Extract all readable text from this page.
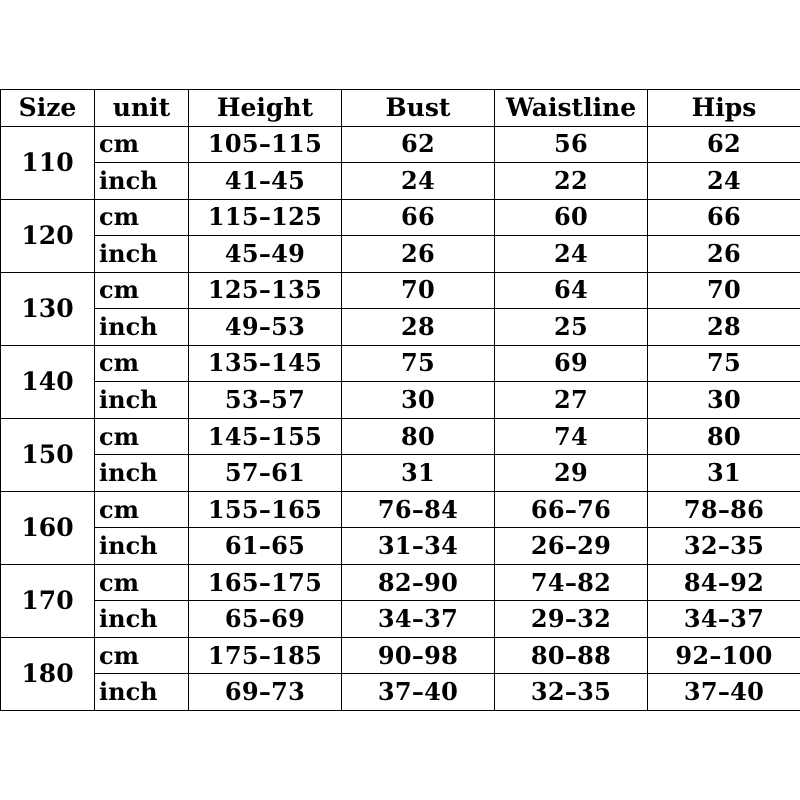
Size	unit	Height	Bust	Waistline	Hips
110	cm	105–115	62	56	62
	inch	41–45	24	22	24
120	cm	115–125	66	60	66
	inch	45–49	26	24	26
130	cm	125–135	70	64	70
	inch	49–53	28	25	28
140	cm	135–145	75	69	75
	inch	53–57	30	27	30
150	cm	145–155	80	74	80
	inch	57–61	31	29	31
160	cm	155–165	76–84	66–76	78–86
	inch	61–65	31–34	26–29	32–35
170	cm	165–175	82–90	74–82	84–92
	inch	65–69	34–37	29–32	34–37
180	cm	175–185	90–98	80–88	92–100
	inch	69–73	37–40	32–35	37–40
